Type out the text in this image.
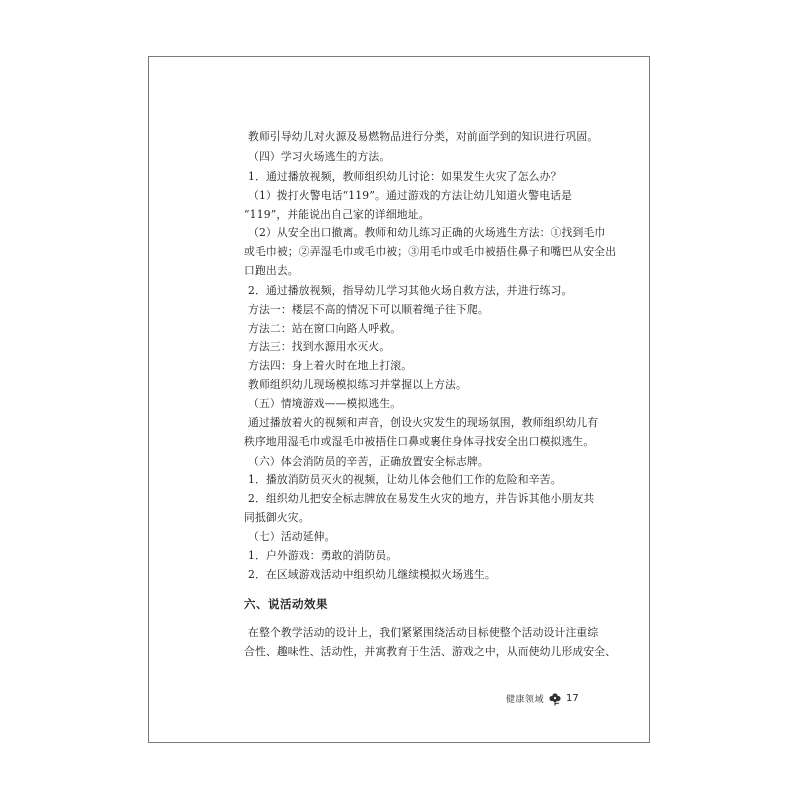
教师引导幼儿对火源及易燃物品进行分类，对前面学到的知识进行巩固。
（四）学习火场逃生的方法。
1．通过播放视频，教师组织幼儿讨论：如果发生火灾了怎么办？
（1）拨打火警电话“119”。通过游戏的方法让幼儿知道火警电话是
“119”，并能说出自己家的详细地址。
（2）从安全出口撤离。教师和幼儿练习正确的火场逃生方法：①找到毛巾
或毛巾被；②弄湿毛巾或毛巾被；③用毛巾或毛巾被捂住鼻子和嘴巴从安全出
口跑出去。
2．通过播放视频，指导幼儿学习其他火场自救方法，并进行练习。
方法一：楼层不高的情况下可以顺着绳子往下爬。
方法二：站在窗口向路人呼救。
方法三：找到水源用水灭火。
方法四：身上着火时在地上打滚。
教师组织幼儿现场模拟练习并掌握以上方法。
（五）情境游戏——模拟逃生。
通过播放着火的视频和声音，创设火灾发生的现场氛围，教师组织幼儿有
秩序地用湿毛巾或湿毛巾被捂住口鼻或裹住身体寻找安全出口模拟逃生。
（六）体会消防员的辛苦，正确放置安全标志牌。
1．播放消防员灭火的视频，让幼儿体会他们工作的危险和辛苦。
2．组织幼儿把安全标志牌放在易发生火灾的地方，并告诉其他小朋友共
同抵御火灾。
（七）活动延伸。
1．户外游戏：勇敢的消防员。
2．在区域游戏活动中组织幼儿继续模拟火场逃生。
六、说活动效果
在整个教学活动的设计上，我们紧紧围绕活动目标使整个活动设计注重综
合性、趣味性、活动性，并寓教育于生活、游戏之中，从而使幼儿形成安全、
健康领域 17
